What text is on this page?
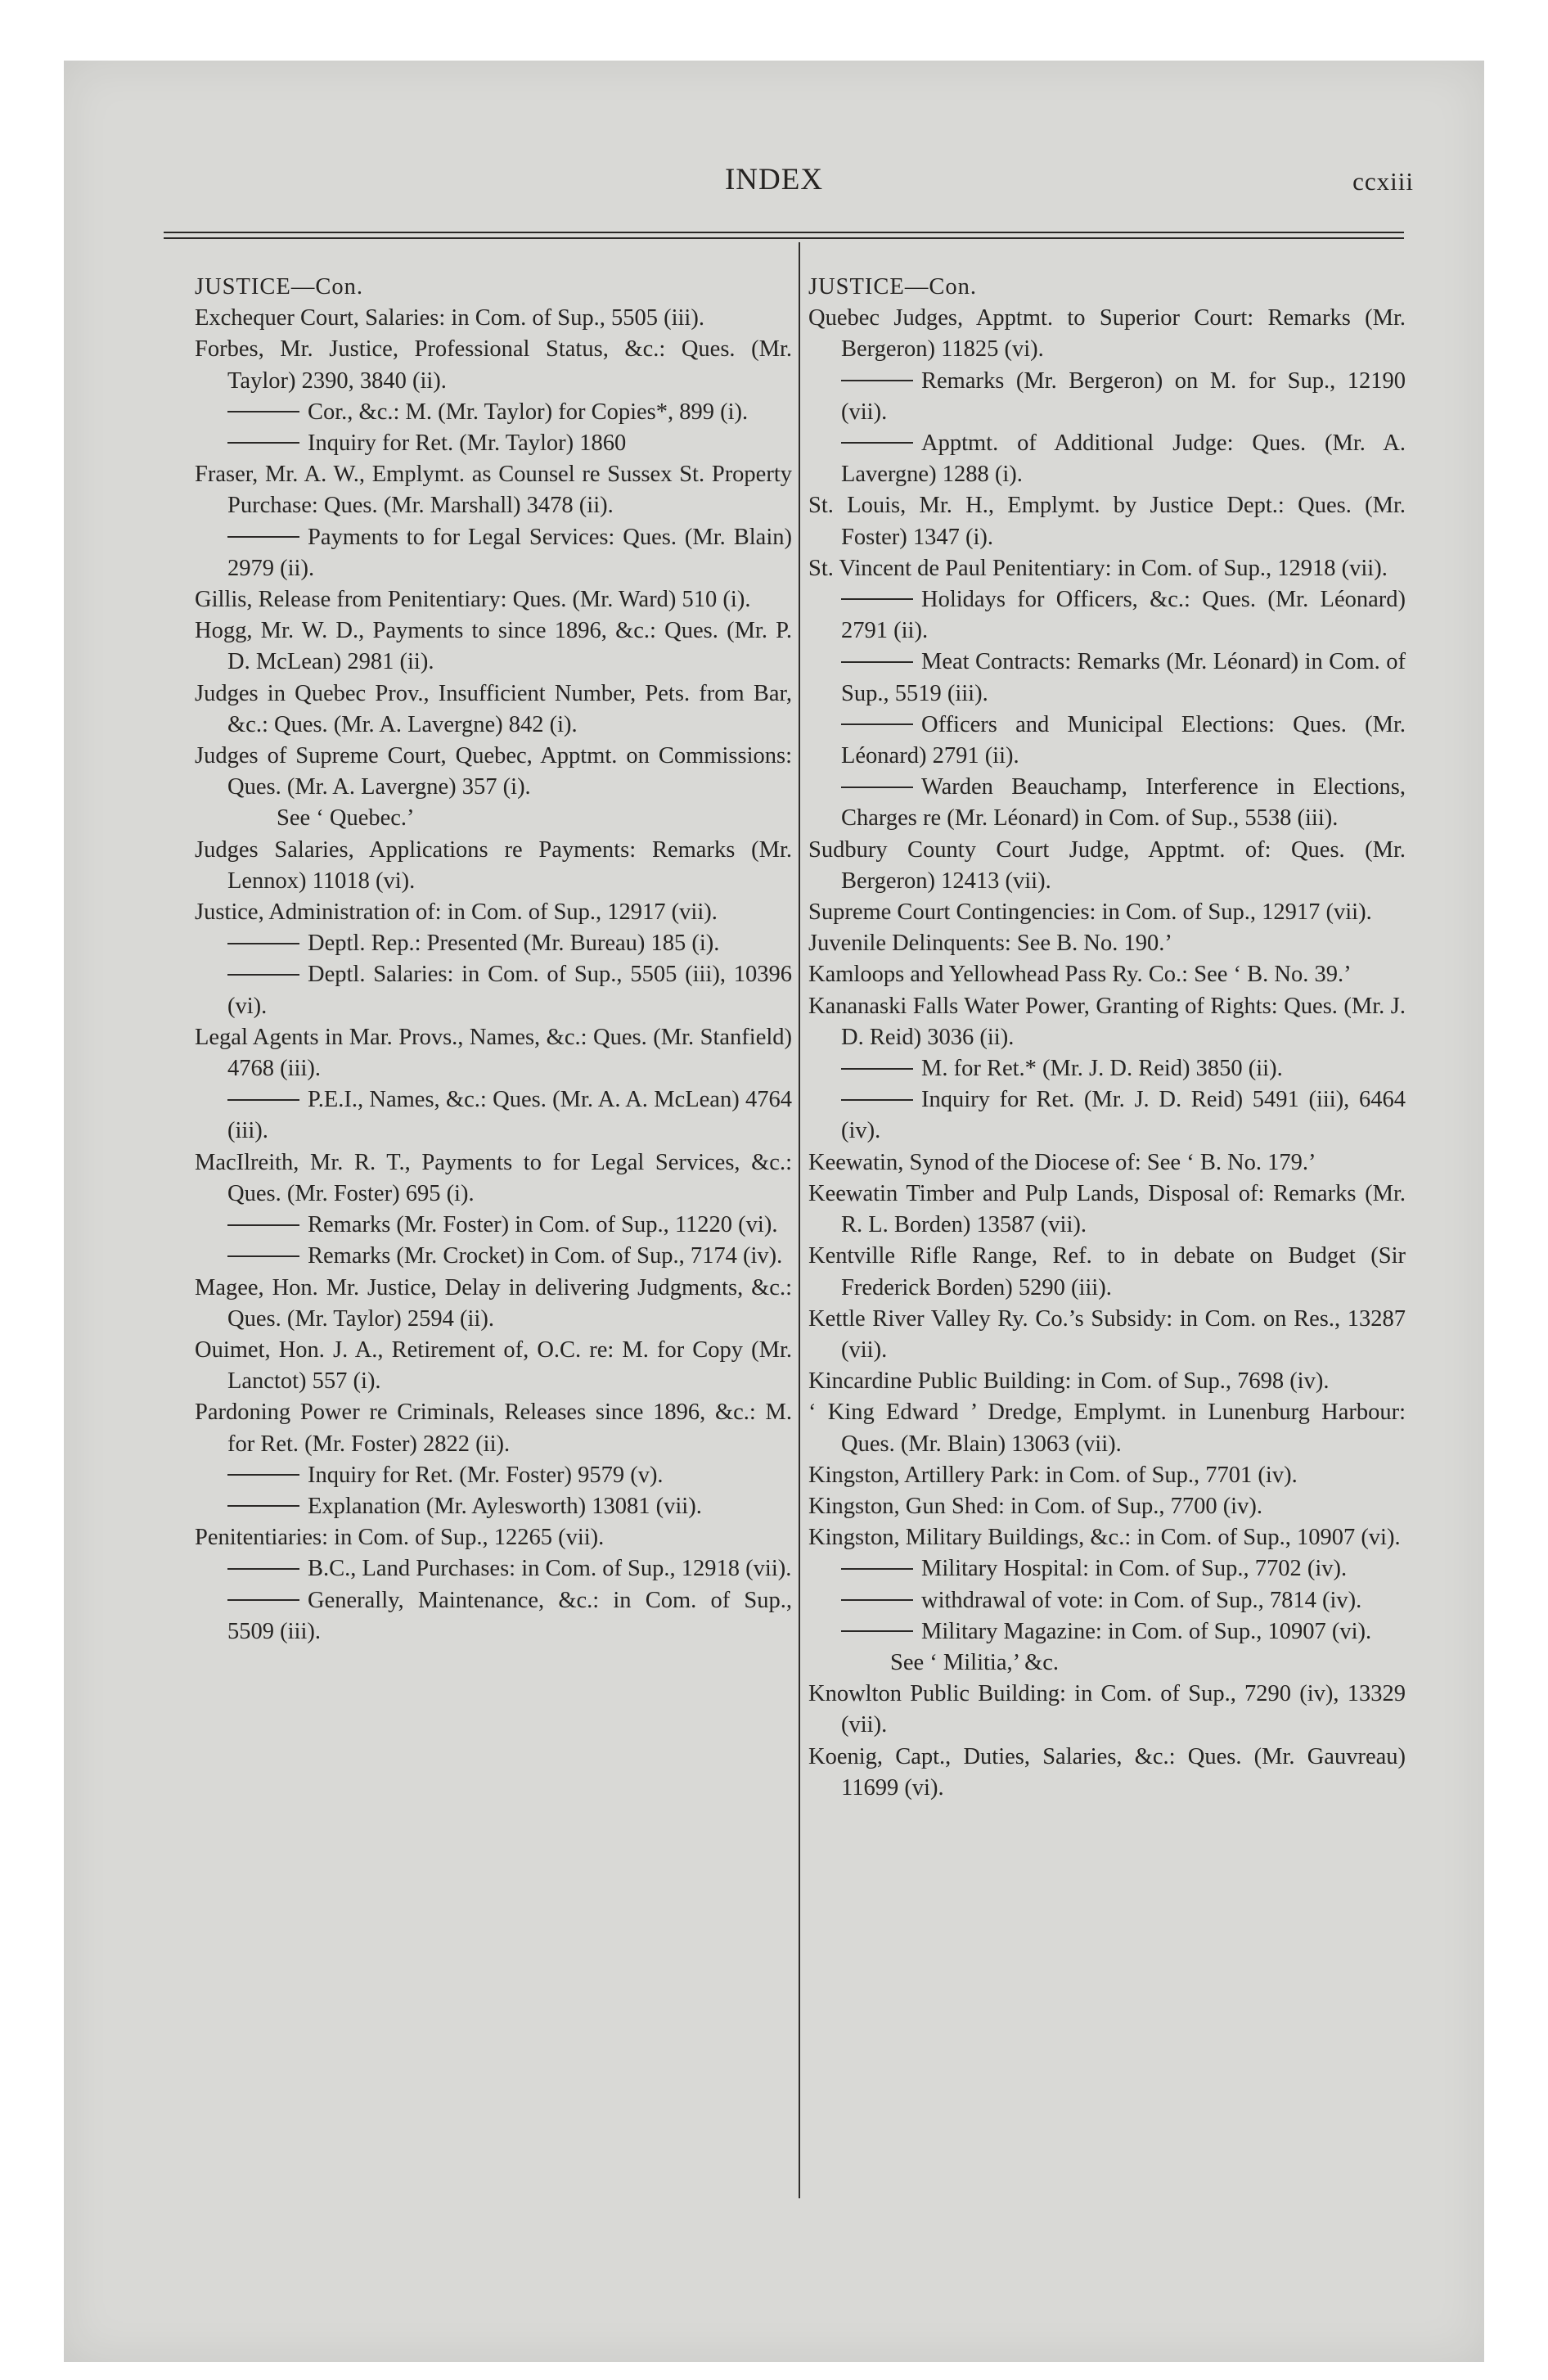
INDEX	ccxiii

JUSTICE—Con.

Exchequer Court, Salaries: in Com. of Sup., 5505 (iii).

Forbes, Mr. Justice, Professional Status, &c.: Ques. (Mr. Taylor) 2390, 3840 (ii).

Cor., &c.: M. (Mr. Taylor) for Copies*, 899 (i).

Inquiry for Ret. (Mr. Taylor) 1860

Fraser, Mr. A. W., Emplymt. as Counsel re Sussex St. Property Purchase: Ques. (Mr. Marshall) 3478 (ii).

Payments to for Legal Services: Ques. (Mr. Blain) 2979 (ii).

Gillis, Release from Penitentiary: Ques. (Mr. Ward) 510 (i).

Hogg, Mr. W. D., Payments to since 1896, &c.: Ques. (Mr. P. D. McLean) 2981 (ii).

Judges in Quebec Prov., Insufficient Number, Pets. from Bar, &c.: Ques. (Mr. A. Lavergne) 842 (i).

Judges of Supreme Court, Quebec, Apptmt. on Commissions: Ques. (Mr. A. Lavergne) 357 (i).

See ‘ Quebec.’

Judges Salaries, Applications re Payments: Remarks (Mr. Lennox) 11018 (vi).

Justice, Administration of: in Com. of Sup., 12917 (vii).

Deptl. Rep.: Presented (Mr. Bureau) 185 (i).

Deptl. Salaries: in Com. of Sup., 5505 (iii), 10396 (vi).

Legal Agents in Mar. Provs., Names, &c.: Ques. (Mr. Stanfield) 4768 (iii).

P.E.I., Names, &c.: Ques. (Mr. A. A. McLean) 4764 (iii).

MacIlreith, Mr. R. T., Payments to for Legal Services, &c.: Ques. (Mr. Foster) 695 (i).

Remarks (Mr. Foster) in Com. of Sup., 11220 (vi).

Remarks (Mr. Crocket) in Com. of Sup., 7174 (iv).

Magee, Hon. Mr. Justice, Delay in delivering Judgments, &c.: Ques. (Mr. Taylor) 2594 (ii).

Ouimet, Hon. J. A., Retirement of, O.C. re: M. for Copy (Mr. Lanctot) 557 (i).

Pardoning Power re Criminals, Releases since 1896, &c.: M. for Ret. (Mr. Foster) 2822 (ii).

Inquiry for Ret. (Mr. Foster) 9579 (v).

Explanation (Mr. Aylesworth) 13081 (vii).

Penitentiaries: in Com. of Sup., 12265 (vii).

B.C., Land Purchases: in Com. of Sup., 12918 (vii).

Generally, Maintenance, &c.: in Com. of Sup., 5509 (iii).

JUSTICE—Con.

Quebec Judges, Apptmt. to Superior Court: Remarks (Mr. Bergeron) 11825 (vi).

Remarks (Mr. Bergeron) on M. for Sup., 12190 (vii).

Apptmt. of Additional Judge: Ques. (Mr. A. Lavergne) 1288 (i).

St. Louis, Mr. H., Emplymt. by Justice Dept.: Ques. (Mr. Foster) 1347 (i).

St. Vincent de Paul Penitentiary: in Com. of Sup., 12918 (vii).

Holidays for Officers, &c.: Ques. (Mr. Léonard) 2791 (ii).

Meat Contracts: Remarks (Mr. Léonard) in Com. of Sup., 5519 (iii).

Officers and Municipal Elections: Ques. (Mr. Léonard) 2791 (ii).

Warden Beauchamp, Interference in Elections, Charges re (Mr. Léonard) in Com. of Sup., 5538 (iii).

Sudbury County Court Judge, Apptmt. of: Ques. (Mr. Bergeron) 12413 (vii).

Supreme Court Contingencies: in Com. of Sup., 12917 (vii).

Juvenile Delinquents: See B. No. 190.’

Kamloops and Yellowhead Pass Ry. Co.: See ‘ B. No. 39.’

Kananaski Falls Water Power, Granting of Rights: Ques. (Mr. J. D. Reid) 3036 (ii).

M. for Ret.* (Mr. J. D. Reid) 3850 (ii).

Inquiry for Ret. (Mr. J. D. Reid) 5491 (iii), 6464 (iv).

Keewatin, Synod of the Diocese of: See ‘ B. No. 179.’

Keewatin Timber and Pulp Lands, Disposal of: Remarks (Mr. R. L. Borden) 13587 (vii).

Kentville Rifle Range, Ref. to in debate on Budget (Sir Frederick Borden) 5290 (iii).

Kettle River Valley Ry. Co.’s Subsidy: in Com. on Res., 13287 (vii).

Kincardine Public Building: in Com. of Sup., 7698 (iv).

‘ King Edward ’ Dredge, Emplymt. in Lunenburg Harbour: Ques. (Mr. Blain) 13063 (vii).

Kingston, Artillery Park: in Com. of Sup., 7701 (iv).

Kingston, Gun Shed: in Com. of Sup., 7700 (iv).

Kingston, Military Buildings, &c.: in Com. of Sup., 10907 (vi).

Military Hospital: in Com. of Sup., 7702 (iv).

withdrawal of vote: in Com. of Sup., 7814 (iv).

Military Magazine: in Com. of Sup., 10907 (vi).

See ‘ Militia,’ &c.

Knowlton Public Building: in Com. of Sup., 7290 (iv), 13329 (vii).

Koenig, Capt., Duties, Salaries, &c.: Ques. (Mr. Gauvreau) 11699 (vi).
